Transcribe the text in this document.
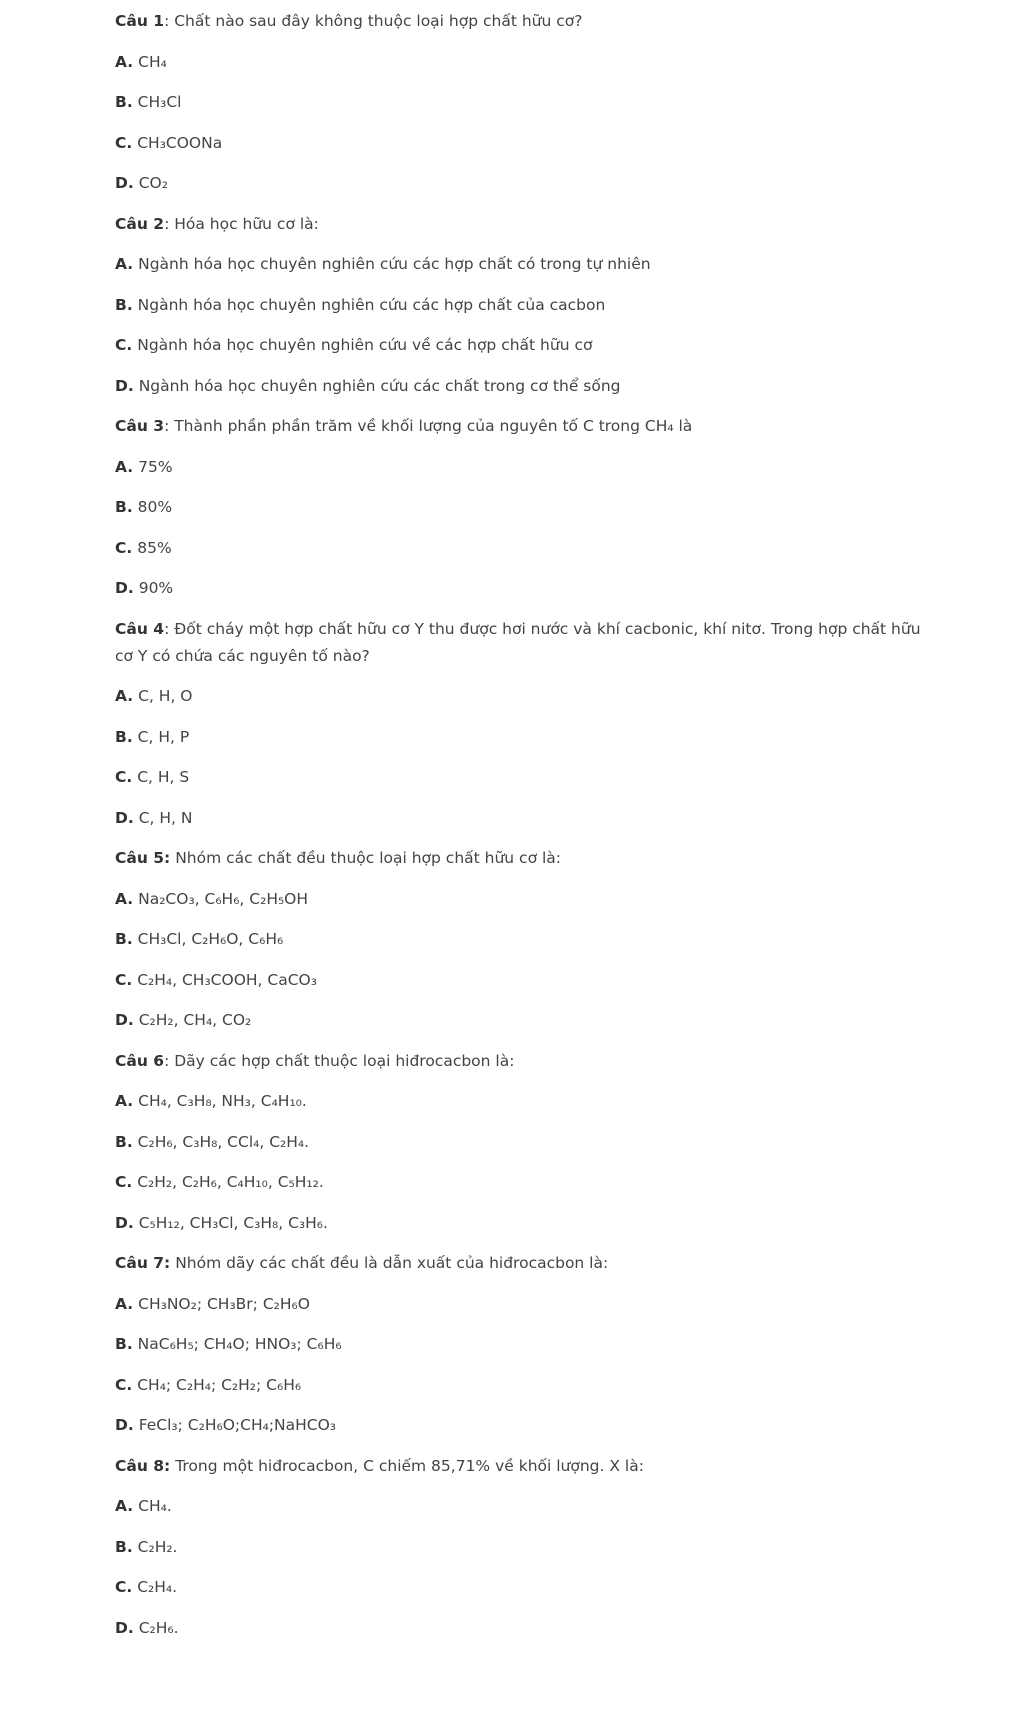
Câu 1: Chất nào sau đây không thuộc loại hợp chất hữu cơ?
A. CH₄
B. CH₃Cl
C. CH₃COONa
D. CO₂
Câu 2: Hóa học hữu cơ là:
A. Ngành hóa học chuyên nghiên cứu các hợp chất có trong tự nhiên
B. Ngành hóa học chuyên nghiên cứu các hợp chất của cacbon
C. Ngành hóa học chuyên nghiên cứu về các hợp chất hữu cơ
D. Ngành hóa học chuyên nghiên cứu các chất trong cơ thể sống
Câu 3: Thành phần phần trăm về khối lượng của nguyên tố C trong CH₄ là
A. 75%
B. 80%
C. 85%
D. 90%
Câu 4: Đốt cháy một hợp chất hữu cơ Y thu được hơi nước và khí cacbonic, khí nitơ. Trong hợp chất hữu cơ Y có chứa các nguyên tố nào?
A. C, H, O
B. C, H, P
C. C, H, S
D. C, H, N
Câu 5: Nhóm các chất đều thuộc loại hợp chất hữu cơ là:
A. Na₂CO₃, C₆H₆, C₂H₅OH
B. CH₃Cl, C₂H₆O, C₆H₆
C. C₂H₄, CH₃COOH, CaCO₃
D. C₂H₂, CH₄, CO₂
Câu 6: Dãy các hợp chất thuộc loại hiđrocacbon là:
A. CH₄, C₃H₈, NH₃, C₄H₁₀.
B. C₂H₆, C₃H₈, CCl₄, C₂H₄.
C. C₂H₂, C₂H₆, C₄H₁₀, C₅H₁₂.
D. C₅H₁₂, CH₃Cl, C₃H₈, C₃H₆.
Câu 7: Nhóm dãy các chất đều là dẫn xuất của hiđrocacbon là:
A. CH₃NO₂; CH₃Br; C₂H₆O
B. NaC₆H₅; CH₄O; HNO₃; C₆H₆
C. CH₄; C₂H₄; C₂H₂; C₆H₆
D. FeCl₃; C₂H₆O;CH₄;NaHCO₃
Câu 8: Trong một hiđrocacbon, C chiếm 85,71% về khối lượng. X là:
A. CH₄.
B. C₂H₂.
C. C₂H₄.
D. C₂H₆.
